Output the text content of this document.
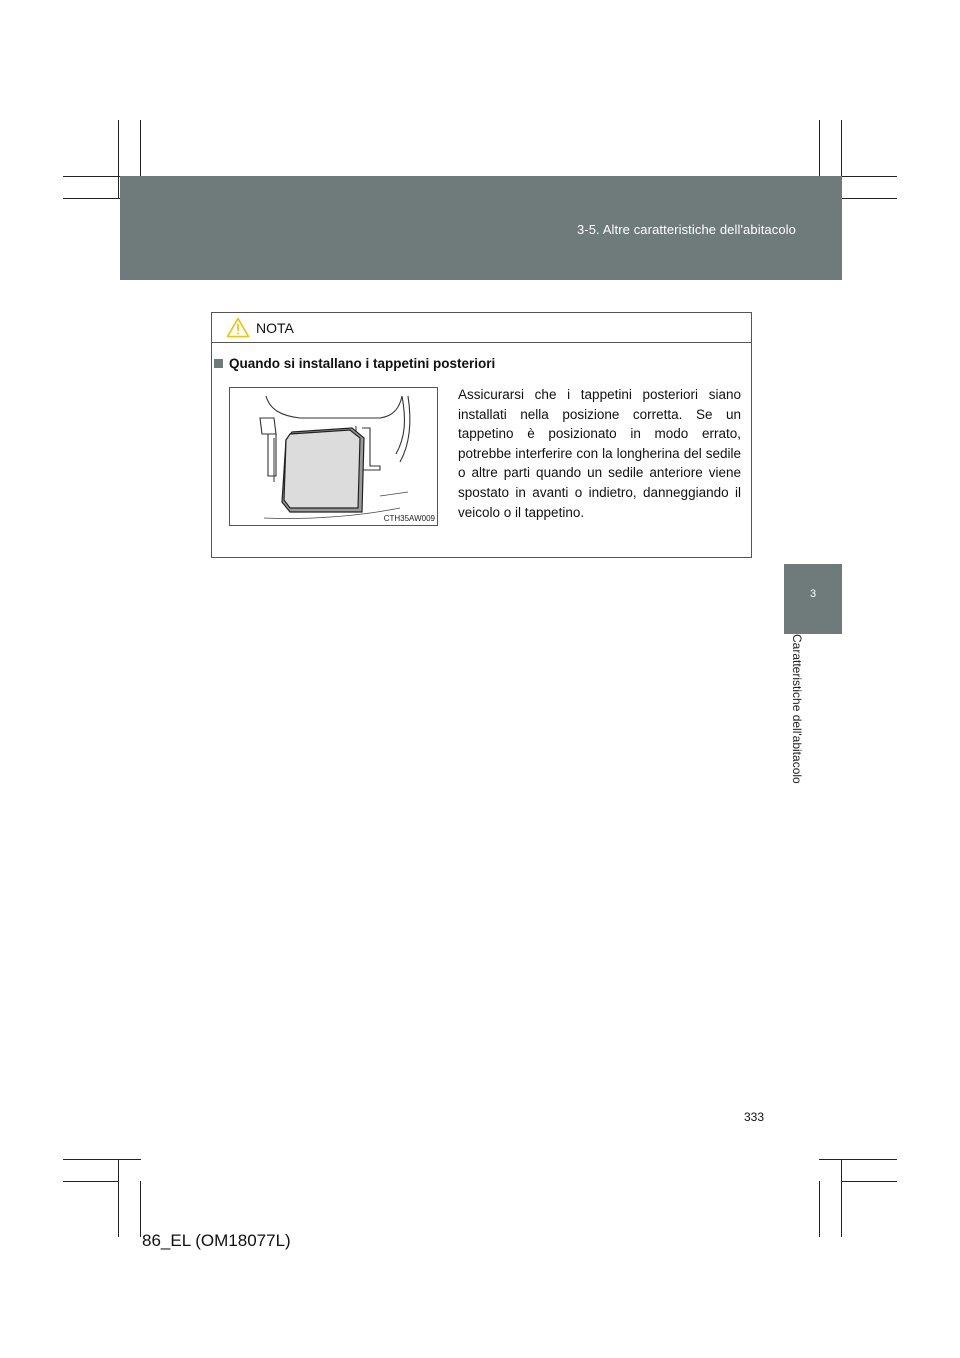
3-5. Altre caratteristiche dell'abitacolo
3
Caratteristiche dell'abitacolo
NOTA
Quando si installano i tappetini posteriori
CTH35AW009
Assicurarsi che i tappetini posteriori siano installati nella posizione corretta. Se un tappetino è posizionato in modo errato, potrebbe interferire con la longherina del sedile o altre parti quando un sedile anteriore viene spostato in avanti o indietro, danneggiando il veicolo o il tappetino.
333
86_EL (OM18077L)
